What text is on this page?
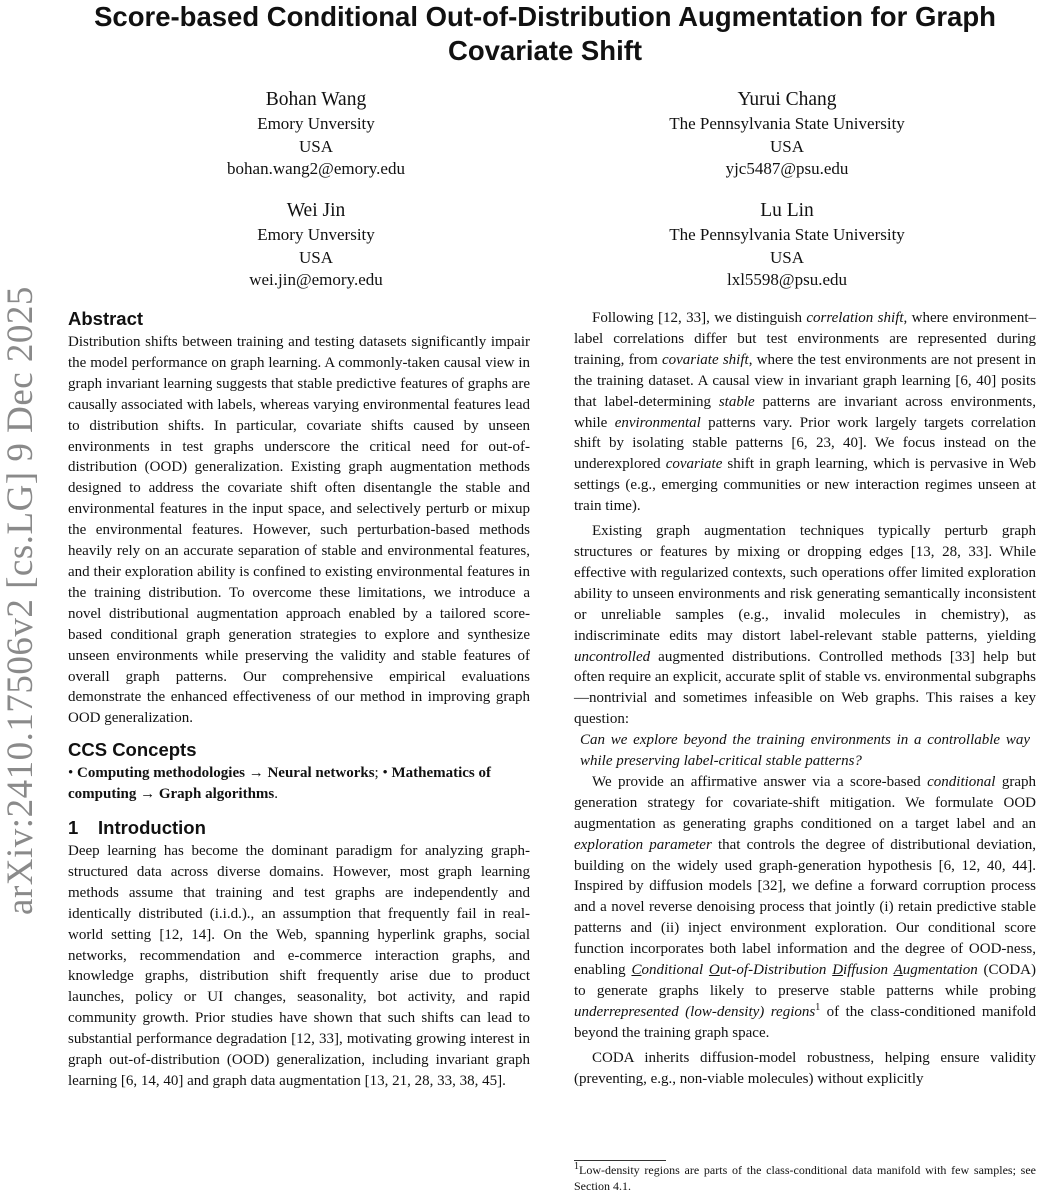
arXiv:2410.17506v2 [cs.LG] 9 Dec 2025
Score-based Conditional Out-of-Distribution Augmentation for Graph Covariate Shift
Bohan Wang
Emory Unversity
USA
bohan.wang2@emory.edu
Yurui Chang
The Pennsylvania State University
USA
yjc5487@psu.edu
Wei Jin
Emory Unversity
USA
wei.jin@emory.edu
Lu Lin
The Pennsylvania State University
USA
lxl5598@psu.edu
Abstract

Distribution shifts between training and testing datasets significantly impair the model performance on graph learning. A commonly-taken causal view in graph invariant learning suggests that stable predictive features of graphs are causally associated with labels, whereas varying environmental features lead to distribution shifts. In particular, covariate shifts caused by unseen environments in test graphs underscore the critical need for out-of-distribution (OOD) generalization. Existing graph augmentation methods designed to address the covariate shift often disentangle the stable and environmental features in the input space, and selectively perturb or mixup the environmental features. However, such perturbation-based methods heavily rely on an accurate separation of stable and environmental features, and their exploration ability is confined to existing environmental features in the training distribution. To overcome these limitations, we introduce a novel distributional augmentation approach enabled by a tailored score-based conditional graph generation strategies to explore and synthesize unseen environments while preserving the validity and stable features of overall graph patterns. Our comprehensive empirical evaluations demonstrate the enhanced effectiveness of our method in improving graph OOD generalization.

CCS Concepts
• Computing methodologies → Neural networks; • Mathematics of computing → Graph algorithms.
1 Introduction

Deep learning has become the dominant paradigm for analyzing graph-structured data across diverse domains. However, most graph learning methods assume that training and test graphs are independently and identically distributed (i.i.d.)., an assumption that frequently fail in real-world setting [12, 14]. On the Web, spanning hyperlink graphs, social networks, recommendation and e-commerce interaction graphs, and knowledge graphs, distribution shift frequently arise due to product launches, policy or UI changes, seasonality, bot activity, and rapid community growth. Prior studies have shown that such shifts can lead to substantial performance degradation [12, 33], motivating growing interest in graph out-of-distribution (OOD) generalization, including invariant graph learning [6, 14, 40] and graph data augmentation [13, 21, 28, 33, 38, 45].

Following [12, 33], we distinguish correlation shift, where environment–label correlations differ but test environments are represented during training, from covariate shift, where the test environments are not present in the training dataset. A causal view in invariant graph learning [6, 40] posits that label-determining stable patterns are invariant across environments, while environmental patterns vary. Prior work largely targets correlation shift by isolating stable patterns [6, 23, 40]. We focus instead on the underexplored covariate shift in graph learning, which is pervasive in Web settings (e.g., emerging communities or new interaction regimes unseen at train time).

Existing graph augmentation techniques typically perturb graph structures or features by mixing or dropping edges [13, 28, 33]. While effective with regularized contexts, such operations offer limited exploration ability to unseen environments and risk generating semantically inconsistent or unreliable samples (e.g., invalid molecules in chemistry), as indiscriminate edits may distort label-relevant stable patterns, yielding uncontrolled augmented distributions. Controlled methods [33] help but often require an explicit, accurate split of stable vs. environmental subgraphs—nontrivial and sometimes infeasible on Web graphs. This raises a key question:

Can we explore beyond the training environments in a controllable way while preserving label-critical stable patterns?

We provide an affirmative answer via a score-based conditional graph generation strategy for covariate-shift mitigation. We formulate OOD augmentation as generating graphs conditioned on a target label and an exploration parameter that controls the degree of distributional deviation, building on the widely used graph-generation hypothesis [6, 12, 40, 44]. Inspired by diffusion models [32], we define a forward corruption process and a novel reverse denoising process that jointly (i) retain predictive stable patterns and (ii) inject environment exploration. Our conditional score function incorporates both label information and the degree of OOD-ness, enabling Conditional Out-of-Distribution Diffusion Augmentation (CODA) to generate graphs likely to preserve stable patterns while probing underrepresented (low-density) regions$^1$ of the class-conditioned manifold beyond the training graph space.

CODA inherits diffusion-model robustness, helping ensure validity (preventing, e.g., non-viable molecules) without explicitly

$^1$Low-density regions are parts of the class-conditional data manifold with few samples; see Section 4.1.
